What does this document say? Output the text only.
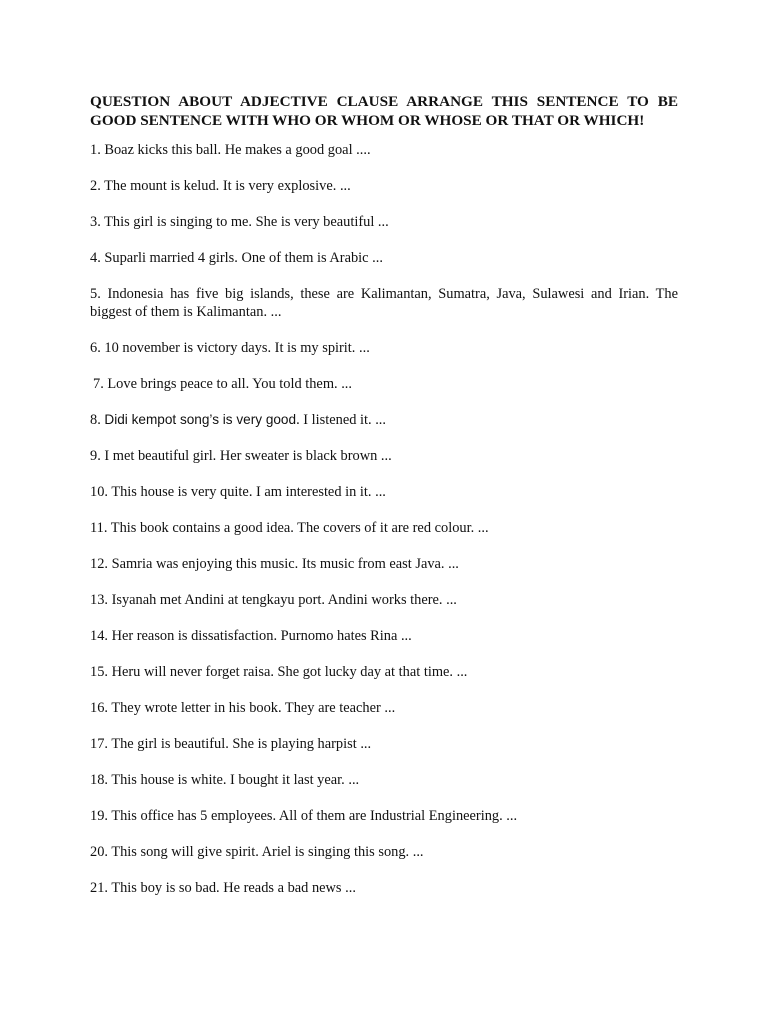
QUESTION ABOUT ADJECTIVE CLAUSE ARRANGE THIS SENTENCE TO BE
GOOD SENTENCE WITH WHO OR WHOM OR WHOSE OR THAT OR WHICH!
1. Boaz kicks this ball. He makes a good goal ....
2. The mount is kelud. It is very explosive. ...
3. This girl is singing to me. She is very beautiful ...
4. Suparli married 4 girls. One of them is Arabic ...
5. Indonesia has five big islands, these are Kalimantan, Sumatra, Java, Sulawesi and Irian. The
biggest of them is Kalimantan. ...
6. 10 november is victory days. It is my spirit. ...
7. Love brings peace to all. You told them. ...
8. Didi kempot song’s is very good. I listened it. ...
9. I met beautiful girl. Her sweater is black brown ...
10. This house is very quite. I am interested in it. ...
11. This book contains a good idea. The covers of it are red colour. ...
12. Samria was enjoying this music. Its music from east Java. ...
13. Isyanah met Andini at tengkayu port. Andini works there. ...
14. Her reason is dissatisfaction. Purnomo hates Rina ...
15. Heru will never forget raisa. She got lucky day at that time. ...
16. They wrote letter in his book. They are teacher ...
17. The girl is beautiful. She is playing harpist ...
18. This house is white. I bought it last year. ...
19. This office has 5 employees. All of them are Industrial Engineering. ...
20. This song will give spirit. Ariel is singing this song. ...
21. This boy is so bad. He reads a bad news ...
